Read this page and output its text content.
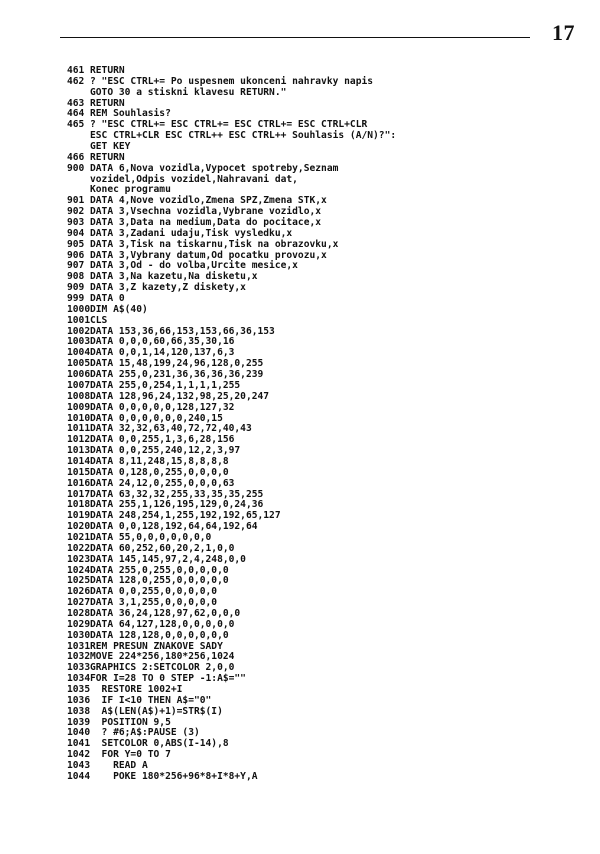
17
461 RETURN
462 ? "ESC CTRL+= Po uspesnem ukonceni nahravky napis
GOTO 30 a stiskni klavesu RETURN."
463 RETURN
464 REM Souhlasis?
465 ? "ESC CTRL+= ESC CTRL+= ESC CTRL+= ESC CTRL+CLR
ESC CTRL+CLR ESC CTRL++ ESC CTRL++ Souhlasis (A/N)?":
GET KEY
466 RETURN
900 DATA 6,Nova vozidla,Vypocet spotreby,Seznam
vozidel,Odpis vozidel,Nahravani dat,
Konec programu
901 DATA 4,Nove vozidlo,Zmena SPZ,Zmena STK,x
902 DATA 3,Vsechna vozidla,Vybrane vozidlo,x
903 DATA 3,Data na medium,Data do pocitace,x
904 DATA 3,Zadani udaju,Tisk vysledku,x
905 DATA 3,Tisk na tiskarnu,Tisk na obrazovku,x
906 DATA 3,Vybrany datum,Od pocatku provozu,x
907 DATA 3,Od - do volba,Urcite mesice,x
908 DATA 3,Na kazetu,Na disketu,x
909 DATA 3,Z kazety,Z diskety,x
999 DATA 0
1000 DIM A$(40)
1001 CLS
1002 DATA 153,36,66,153,153,66,36,153
1003 DATA 0,0,0,60,66,35,30,16
1004 DATA 0,0,1,14,120,137,6,3
1005 DATA 15,48,199,24,96,128,0,255
1006 DATA 255,0,231,36,36,36,36,239
1007 DATA 255,0,254,1,1,1,1,255
1008 DATA 128,96,24,132,98,25,20,247
1009 DATA 0,0,0,0,0,128,127,32
1010 DATA 0,0,0,0,0,0,240,15
1011 DATA 32,32,63,40,72,72,40,43
1012 DATA 0,0,255,1,3,6,28,156
1013 DATA 0,0,255,240,12,2,3,97
1014 DATA 8,11,248,15,8,8,8,8
1015 DATA 0,128,0,255,0,0,0,0
1016 DATA 24,12,0,255,0,0,0,63
1017 DATA 63,32,32,255,33,35,35,255
1018 DATA 255,1,126,195,129,0,24,36
1019 DATA 248,254,1,255,192,192,65,127
1020 DATA 0,0,128,192,64,64,192,64
1021 DATA 55,0,0,0,0,0,0,0
1022 DATA 60,252,60,20,2,1,0,0
1023 DATA 145,145,97,2,4,248,0,0
1024 DATA 255,0,255,0,0,0,0,0
1025 DATA 128,0,255,0,0,0,0,0
1026 DATA 0,0,255,0,0,0,0,0
1027 DATA 3,1,255,0,0,0,0,0
1028 DATA 36,24,128,97,62,0,0,0
1029 DATA 64,127,128,0,0,0,0,0
1030 DATA 128,128,0,0,0,0,0,0
1031 REM PRESUN ZNAKOVE SADY
1032 MOVE 224*256,180*256,1024
1033 GRAPHICS 2:SETCOLOR 2,0,0
1034 FOR I=28 TO 0 STEP -1:A$=""
1035 RESTORE 1002+I
1036 IF I<10 THEN A$="0"
1038 A$(LEN(A$)+1)=STR$(I)
1039 POSITION 9,5
1040 ? #6;A$:PAUSE (3)
1041 SETCOLOR 0,ABS(I-14),8
1042 FOR Y=0 TO 7
1043 READ A
1044 POKE 180*256+96*8+I*8+Y,A
